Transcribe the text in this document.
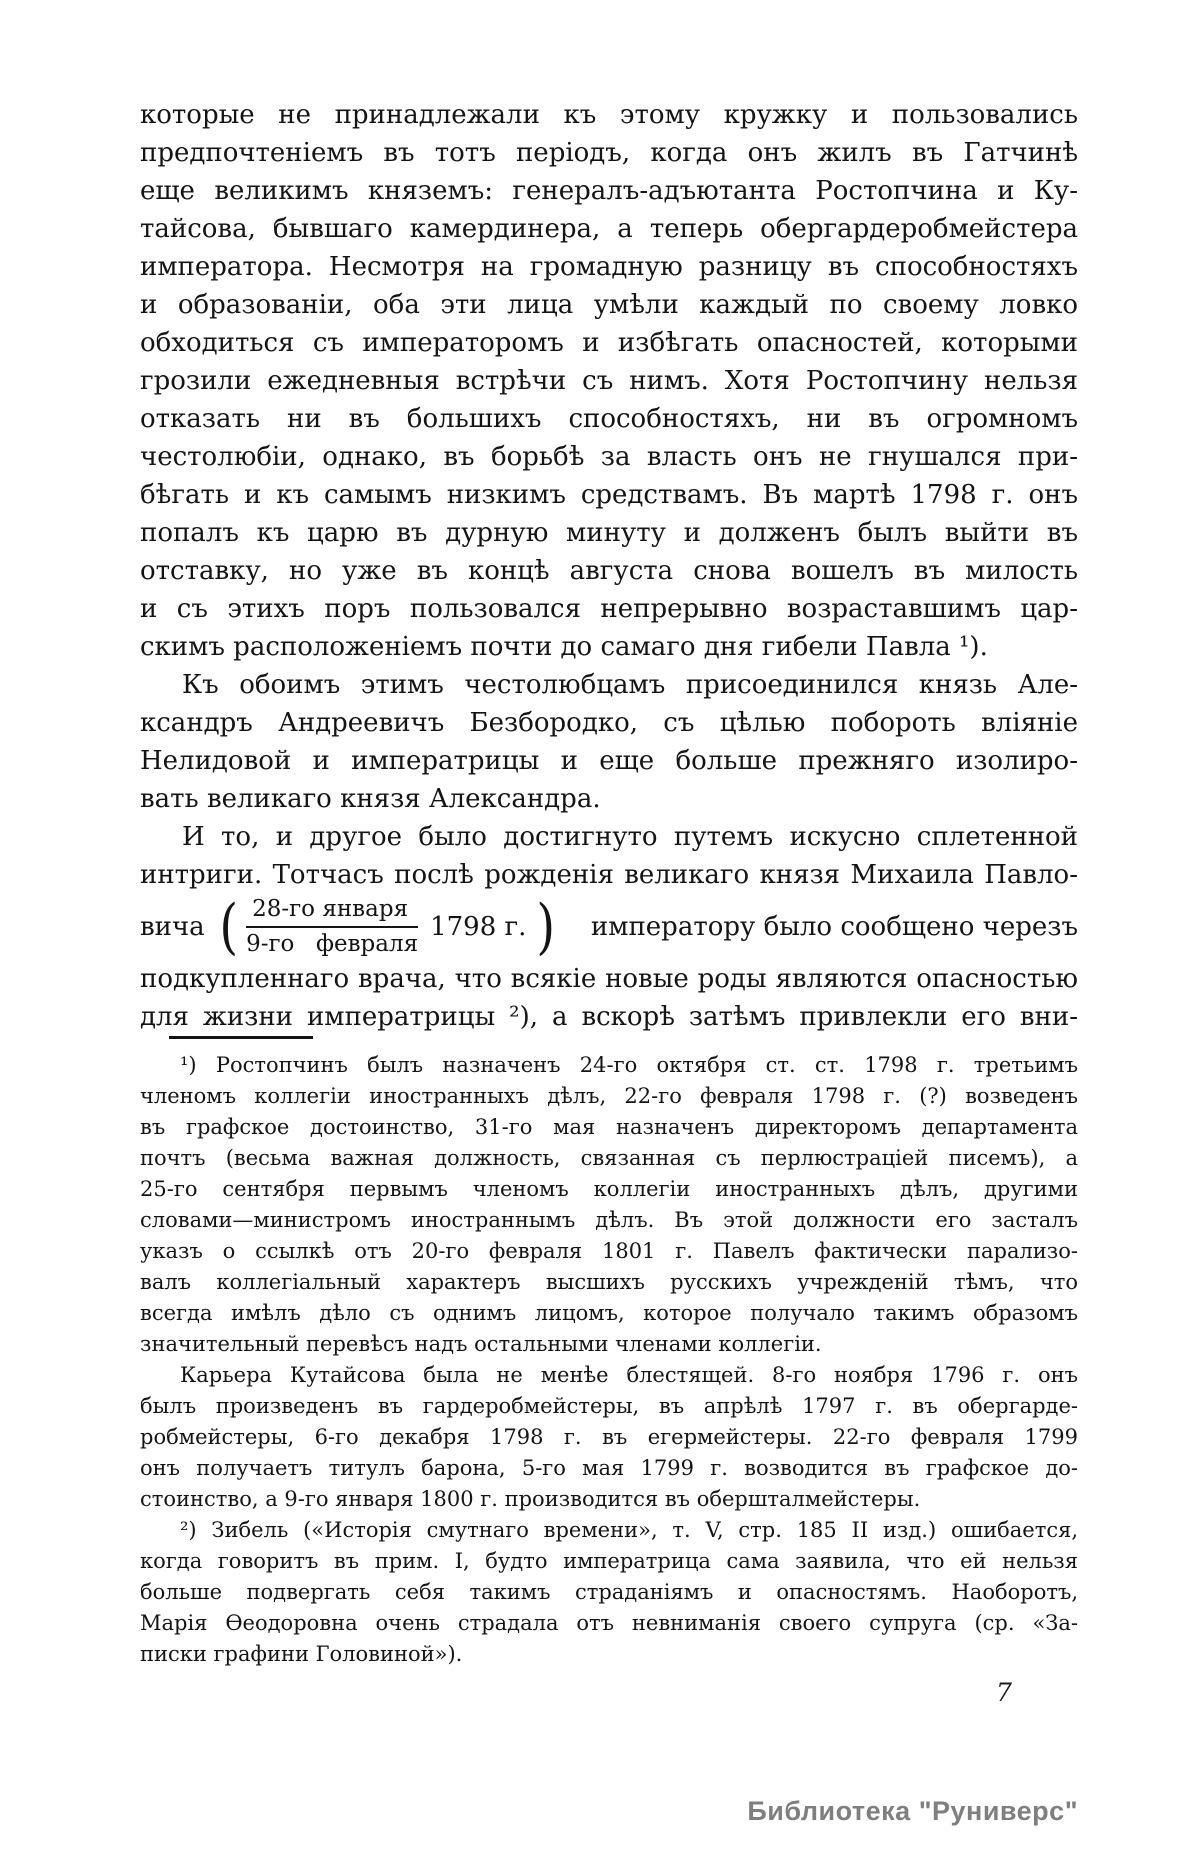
которые не принадлежали къ этому кружку и пользовались
предпочтеніемъ въ тотъ періодъ, когда онъ жилъ въ Гатчинѣ
еще великимъ княземъ: генералъ-адъютанта Ростопчина и Ку-
тайсова, бывшаго камердинера, а теперь обергардеробмейстера
императора. Несмотря на громадную разницу въ способностяхъ
и образованіи, оба эти лица умѣли каждый по своему ловко
обходиться съ императоромъ и избѣгать опасностей, которыми
грозили ежедневныя встрѣчи съ нимъ. Хотя Ростопчину нельзя
отказать ни въ большихъ способностяхъ, ни въ огромномъ
честолюбіи, однако, въ борьбѣ за власть онъ не гнушался при-
бѣгать и къ самымъ низкимъ средствамъ. Въ мартѣ 1798 г. онъ
попалъ къ царю въ дурную минуту и долженъ былъ выйти въ
отставку, но уже въ концѣ августа снова вошелъ въ милость
и съ этихъ поръ пользовался непрерывно возраставшимъ цар-
скимъ расположеніемъ почти до самаго дня гибели Павла ¹).
Къ обоимъ этимъ честолюбцамъ присоединился князь Але-
ксандръ Андреевичъ Безбородко, съ цѣлью побороть вліяніе
Нелидовой и императрицы и еще больше прежняго изолиро-
вать великаго князя Александра.
И то, и другое было достигнуто путемъ искусно сплетенной
интриги. Тотчасъ послѣ рожденія великаго князя Михаила Павло-
вича ( $\frac{\text{28-го января}}{\text{9-го февраля}} 1798$ г. ) императору было сообщено черезъ
подкупленнаго врача, что всякіе новые роды являются опасностью
для жизни императрицы ²), а вскорѣ затѣмъ привлекли его вни-
¹) Ростопчинъ былъ назначенъ 24-го октября ст. ст. 1798 г. третьимъ
членомъ коллегіи иностранныхъ дѣлъ, 22-го февраля 1798 г. (?) возведенъ
въ графское достоинство, 31-го мая назначенъ директоромъ департамента
почтъ (весьма важная должность, связанная съ перлюстраціей писемъ), а
25-го сентября первымъ членомъ коллегіи иностранныхъ дѣлъ, другими
словами—министромъ иностраннымъ дѣлъ. Въ этой должности его засталъ
указъ о ссылкѣ отъ 20-го февраля 1801 г. Павелъ фактически парализо-
валъ коллегіальный характеръ высшихъ русскихъ учрежденій тѣмъ, что
всегда имѣлъ дѣло съ однимъ лицомъ, которое получало такимъ образомъ
значительный перевѣсъ надъ остальными членами коллегіи.
Карьера Кутайсова была не менѣе блестящей. 8-го ноября 1796 г. онъ
былъ произведенъ въ гардеробмейстеры, въ апрѣлѣ 1797 г. въ обергарде-
робмейстеры, 6-го декабря 1798 г. въ егермейстеры. 22-го февраля 1799
онъ получаетъ титулъ барона, 5-го мая 1799 г. возводится въ графское до-
стоинство, а 9-го января 1800 г. производится въ обершталмейстеры.
²) Зибель («Исторія смутнаго времени», т. V, стр. 185 II изд.) ошибается,
когда говоритъ въ прим. I, будто императрица сама заявила, что ей нельзя
больше подвергать себя такимъ страданіямъ и опасностямъ. Наоборотъ,
Марія Ѳеодоровна очень страдала отъ невниманія своего супруга (ср. «За-
писки графини Головиной»).
7
Библиотека "Руниверс"
